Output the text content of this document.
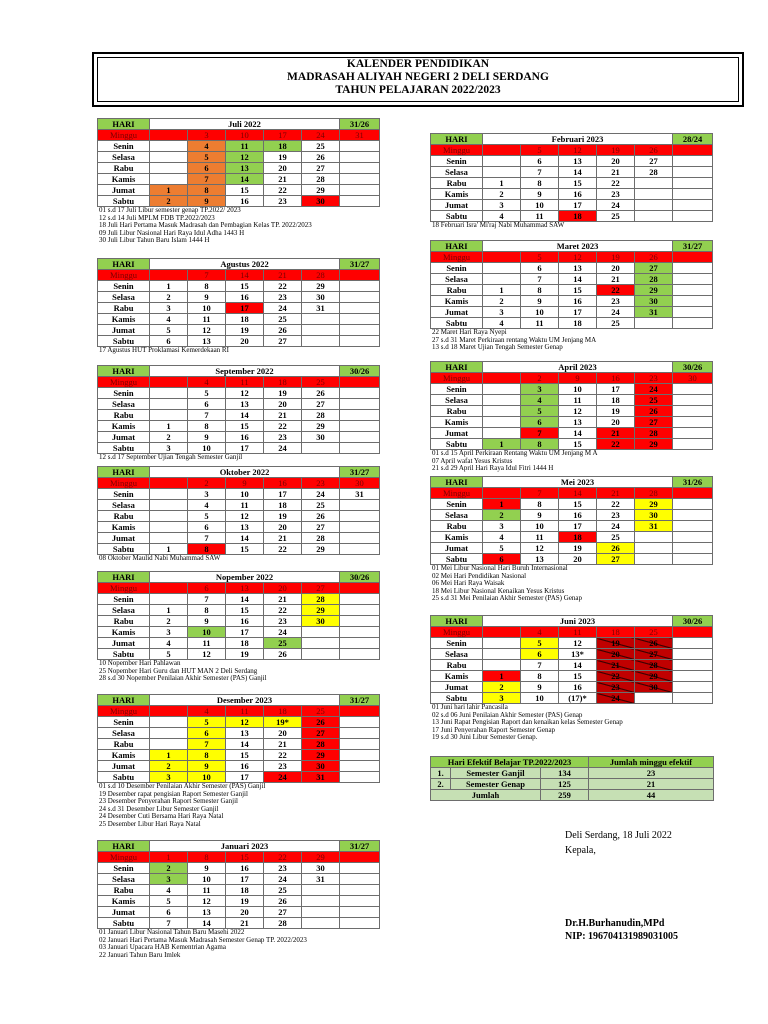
KALENDER PENDIDIKAN
MADRASAH ALIYAH NEGERI 2 DELI SERDANG
TAHUN PELAJARAN 2022/2023
HARI	Juli 2022					31/26	
Minggu		3	10	17	24	31	
Senin		4	11	18	25		
Selasa		5	12	19	26		
Rabu		6	13	20	27		
Kamis		7	14	21	28		
Jumat	1	8	15	22	29		
Sabtu	2	9	16	23	30		
01 s.d 17 Juli Libur semester genap TP.2022/ 2023
12 s.d 14 Juli MPLM FDB TP.2022/2023
18 Juli Hari Pertama Masuk Madrasah dan Pembagian Kelas TP. 2022/2023
09 Juli Libur Nasional Hari Raya Idul Adha 1443 H
30 Juli Libur Tahun Baru Islam 1444 H
HARI	Agustus 2022					31/27	
Minggu		7	14	21	28		
Senin	1	8	15	22	29		
Selasa	2	9	16	23	30		
Rabu	3	10	17	24	31		
Kamis	4	11	18	25			
Jumat	5	12	19	26			
Sabtu	6	13	20	27			
17 Agustus HUT Proklamasi Kemerdekaan RI
HARI	September 2022					30/26	
Minggu		4	11	18	25		
Senin		5	12	19	26		
Selasa		6	13	20	27		
Rabu		7	14	21	28		
Kamis	1	8	15	22	29		
Jumat	2	9	16	23	30		
Sabtu	3	10	17	24			
12 s.d 17 September Ujian Tengah Semester Ganjil
HARI	Oktober 2022					31/27	
Minggu		2	9	16	23	30	
Senin		3	10	17	24	31	
Selasa		4	11	18	25		
Rabu		5	12	19	26		
Kamis		6	13	20	27		
Jumat		7	14	21	28		
Sabtu	1	8	15	22	29		
08 Oktober Maulid Nabi Muhammad SAW
HARI	Nopember 2022					30/26	
Minggu		6	13	20	27		
Senin		7	14	21	28		
Selasa	1	8	15	22	29		
Rabu	2	9	16	23	30		
Kamis	3	10	17	24			
Jumat	4	11	18	25			
Sabtu	5	12	19	26			
10 Nopember Hari Pahlawan
25 Nopember Hari Guru dan HUT MAN 2 Deli Serdang
28 s.d 30 Nopember Penilaian Akhir Semester (PAS) Ganjil
HARI	Desember 2023					31/27	
Minggu		4	11	18	25		
Senin		5	12	19*	26		
Selasa		6	13	20	27		
Rabu		7	14	21	28		
Kamis	1	8	15	22	29		
Jumat	2	9	16	23	30		
Sabtu	3	10	17	24	31		
01 s.d 10 Desember Penilaian Akhir Semester (PAS) Ganjil
19 Desember rapat pengisian Raport Semester Ganjil
23 Desember Penyerahan Raport Semester Ganjil
24 s.d 31 Desember Libur Semester Ganjil
24 Desember Cuti Bersama Hari Raya Natal
25 Desember Libur Hari Raya Natal
HARI	Januari 2023					31/27	
Minggu	1	8	15	22	29		
Senin	2	9	16	23	30		
Selasa	3	10	17	24	31		
Rabu	4	11	18	25			
Kamis	5	12	19	26			
Jumat	6	13	20	27			
Sabtu	7	14	21	28			
01 Januari Libur Nasional Tahun Baru Masehi 2022
02 Januari Hari Pertama Masuk Madrasah Semester Genap TP. 2022/2023
03 Januari Upacara HAB Kementrian Agama
22 Januari Tahun Baru Imlek
HARI	Februari 2023					28/24	
Minggu		5	12	19	26		
Senin		6	13	20	27		
Selasa		7	14	21	28		
Rabu	1	8	15	22			
Kamis	2	9	16	23			
Jumat	3	10	17	24			
Sabtu	4	11	18	25			
18 Februari Isra' Mi'raj Nabi Muhammad SAW
HARI	Maret 2023					31/27	
Minggu		5	12	19	26		
Senin		6	13	20	27		
Selasa		7	14	21	28		
Rabu	1	8	15	22	29		
Kamis	2	9	16	23	30		
Jumat	3	10	17	24	31		
Sabtu	4	11	18	25			
22 Maret Hari Raya Nyepi
27 s.d 31 Maret Perkiraan rentang Waktu UM Jenjang MA
13 s.d 18 Maret Ujian Tengah Semester Genap
HARI	April 2023					30/26	
Minggu		2	9	16	23	30	
Senin		3	10	17	24		
Selasa		4	11	18	25		
Rabu		5	12	19	26		
Kamis		6	13	20	27		
Jumat		7	14	21	28		
Sabtu	1	8	15	22	29		
01 s.d 15 April Perkiraan Rentang Waktu UM Jenjang M A
07 April wafat Yesus Kristus
21 s.d 29 April Hari Raya Idul Fitri 1444 H
HARI	Mei 2023					31/26	
Minggu		7	14	21	28		
Senin	1	8	15	22	29		
Selasa	2	9	16	23	30		
Rabu	3	10	17	24	31		
Kamis	4	11	18	25			
Jumat	5	12	19	26			
Sabtu	6	13	20	27			
01 Mei Libur Nasional Hari Buruh Internasional
02 Mei Hari Pendidikan Nasional
06 Mei Hari Raya Waisak
18 Mei Libur Nasional Kenaikan Yesus Kristus
25 s.d 31 Mei Penilaian Akhir Semester (PAS) Genap
HARI	Juni 2023					30/26	
Minggu		4	11	18	25		
Senin		5	12	19	26		
Selasa		6	13*	20	27		
Rabu		7	14	21	28		
Kamis	1	8	15	22	29		
Jumat	2	9	16	23	30		
Sabtu	3	10	(17)*	24			
01 Juni hari lahir Pancasila
02 s.d 06 Juni Penilaian Akhir Semester (PAS) Genap
13 Juni Rapat Pengisian Raport dan kenaikan kelas Semester Genap
17 Juni Penyerahan Raport Semester Genap
19 s.d 30 Juni Libur Semester Genap.
Hari Efektif Belajar TP.2022/2023			Jumlah minggu efektif
1.	Semester Ganjil	134	23
2.	Semester Genap	125	21
Jumlah		259	44
Deli Serdang, 18 Juli 2022
Kepala,
Dr.H.Burhanudin,MPd
NIP: 196704131989031005
